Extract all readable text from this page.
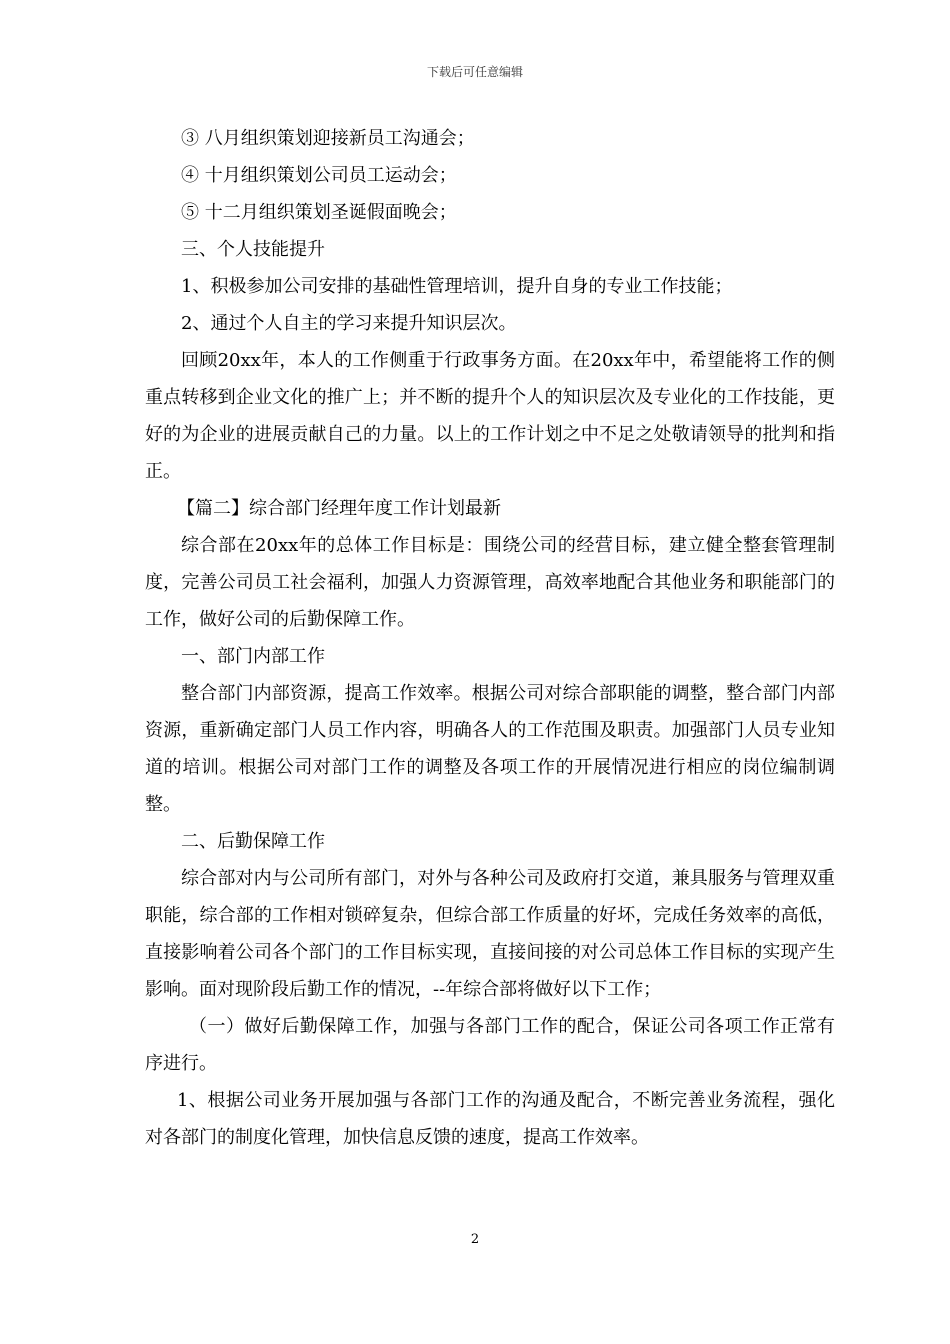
下载后可任意编辑

③ 八月组织策划迎接新员工沟通会；

④ 十月组织策划公司员工运动会；

⑤ 十二月组织策划圣诞假面晚会；

三、个人技能提升

1、积极参加公司安排的基础性管理培训，提升自身的专业工作技能；

2、通过个人自主的学习来提升知识层次。

回顾20xx年，本人的工作侧重于行政事务方面。在20xx年中，希望能将工作的侧重点转移到企业文化的推广上；并不断的提升个人的知识层次及专业化的工作技能，更好的为企业的进展贡献自己的力量。以上的工作计划之中不足之处敬请领导的批判和指正。

【篇二】综合部门经理年度工作计划最新

综合部在20xx年的总体工作目标是：围绕公司的经营目标，建立健全整套管理制度，完善公司员工社会福利，加强人力资源管理，高效率地配合其他业务和职能部门的工作，做好公司的后勤保障工作。

一、部门内部工作

整合部门内部资源，提高工作效率。根据公司对综合部职能的调整，整合部门内部资源，重新确定部门人员工作内容，明确各人的工作范围及职责。加强部门人员专业知道的培训。根据公司对部门工作的调整及各项工作的开展情况进行相应的岗位编制调整。

二、后勤保障工作

综合部对内与公司所有部门，对外与各种公司及政府打交道，兼具服务与管理双重职能，综合部的工作相对锁碎复杂，但综合部工作质量的好坏，完成任务效率的高低，直接影响着公司各个部门的工作目标实现，直接间接的对公司总体工作目标的实现产生影响。面对现阶段后勤工作的情况，--年综合部将做好以下工作；

（一）做好后勤保障工作，加强与各部门工作的配合，保证公司各项工作正常有序进行。

1、根据公司业务开展加强与各部门工作的沟通及配合，不断完善业务流程，强化对各部门的制度化管理，加快信息反馈的速度，提高工作效率。

2
